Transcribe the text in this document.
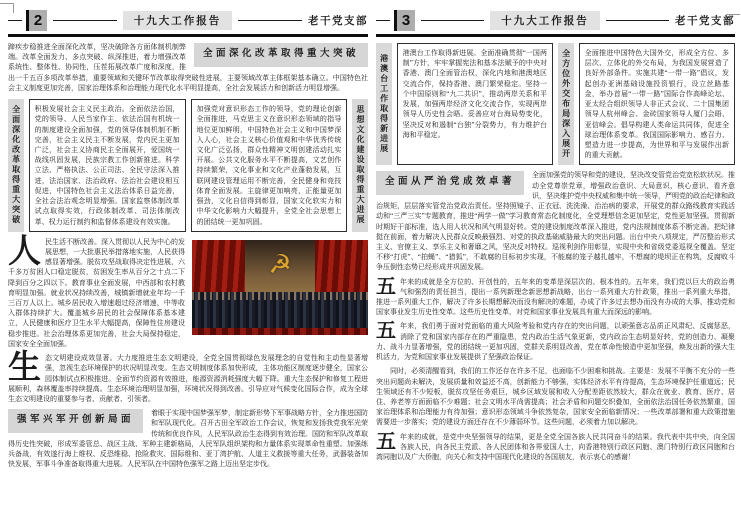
2	十九大工作报告	老干党支部

全面深化改革取得重大突破
蹄疾步稳推进全面深化改革，坚决破除各方面体制机制弊端。改革全面发力、多点突破、纵深推进，着力增强改革系统性、整体性、协同性，压茬拓展改革广度和深度，推出一千五百多项改革举措，重要领域和关键环节改革取得突破性进展，主要领域改革主体框架基本确立。中国特色社会主义制度更加完善，国家治理体系和治理能力现代化水平明显提高，全社会发展活力和创新活力明显增强。

全面深化改革取得重大突破	积极发展社会主义民主政治。全面依法治国，党的领导、人民当家作主、依法治国有机统一的制度建设全面加强，党的领导体制机制不断完善，社会主义民主不断发展，党内民主更加广泛，社会主义协商民主全面展开，爱国统一战线巩固发展，民族宗教工作创新推进。科学立法、严格执法、公正司法、全民守法深入推进，法治国家、法治政府、法治社会建设相互促进，中国特色社会主义法治体系日益完善，全社会法治观念明显增强。国家监察体制改革试点取得实效，行政体制改革、司法体制改革、权力运行制约和监督体系建设有效实施。

加强党对意识形态工作的领导，党的理论创新全面推进，马克思主义在意识形态领域的指导地位更加鲜明，中国特色社会主义和中国梦深入人心，社会主义核心价值观和中华优秀传统文化广泛弘扬，群众性精神文明创建活动扎实开展。公共文化服务水平不断提高，文艺创作持续繁荣，文化事业和文化产业蓬勃发展，互联网建设管理运用不断完善，全民健身和竞技体育全面发展。主旋律更加响亮，正能量更加强劲，文化自信得到彰显，国家文化软实力和中华文化影响力大幅提升，全党全社会思想上的团结统一更加巩固。	思想文化建设取得重大进展
☭

人 民生活不断改善。深入贯彻以人民为中心的发展思想，一大批惠民举措落地实施，人民获得感显著增强。脱贫攻坚战取得决定性进展，六千多万贫困人口稳定脱贫，贫困发生率从百分之十点二下降到百分之四以下。教育事业全面发展，中西部和农村教育明显加强。就业状况持续改善，城镇新增就业年均一千三百万人以上。城乡居民收入增速超过经济增速，中等收入群体持续扩大。覆盖城乡居民的社会保障体系基本建立，人民健康和医疗卫生水平大幅提高，保障性住房建设稳步推进。社会治理体系更加完善，社会大局保持稳定，国家安全全面加强。

生 态文明建设成效显著。大力度推进生态文明建设，全党全国贯彻绿色发展理念的自觉性和主动性显著增强，忽视生态环境保护的状况明显改变。生态文明制度体系加快形成，主体功能区制度逐步健全，国家公园体制试点积极推进。全面节约资源有效推进，能源资源消耗强度大幅下降。重大生态保护和修复工程进展顺利，森林覆盖率持续提高。生态环境治理明显加强，环境状况得到改善。引导应对气候变化国际合作，成为全球生态文明建设的重要参与者、贡献者、引领者。

强军兴军开创新局面

着眼于实现中国梦强军梦，制定新形势下军事战略方针，全力推进国防和军队现代化。召开古田全军政治工作会议，恢复和发扬我党我军光荣传统和优良作风，人民军队政治生态得到有效治理。国防和军队改革取得历史性突破，形成军委管总、战区主战、军种主建新格局，人民军队组织架构和力量体系实现革命性重塑。加强练兵备战，有效遂行海上维权、反恐维稳、抢险救灾、国际维和、亚丁湾护航、人道主义救援等重大任务，武器装备加快发展，军事斗争准备取得重大进展。人民军队在中国特色强军之路上迈出坚定步伐。

3	十九大工作报告	老干党支部
港澳台工作取得新进展

港澳台工作取得新进展。全面准确贯彻“一国两制”方针，牢牢掌握宪法和基本法赋予的中央对香港、澳门全面管治权，深化内地和港澳地区交流合作，保持香港、澳门繁荣稳定。坚持一个中国原则和“九二共识”，推动两岸关系和平发展，加强两岸经济文化交流合作，实现两岸领导人历史性会晤。妥善应对台海局势变化，坚决反对和遏制“台独”分裂势力，有力维护台海和平稳定。	全方位外交布局深入展开	全面推进中国特色大国外交，形成全方位、多层次、立体化的外交布局，为我国发展营造了良好外部条件。实施共建“一带一路”倡议，发起创办亚洲基础设施投资银行，设立丝路基金，举办首届“一带一路”国际合作高峰论坛、亚太经合组织领导人非正式会议、二十国集团领导人杭州峰会、金砖国家领导人厦门会晤、亚信峰会。倡导构建人类命运共同体，促进全球治理体系变革。我国国际影响力、感召力、塑造力进一步提高，为世界和平与发展作出新的重大贡献。

全面从严治党成效卓著

全面加强党的领导和党的建设，坚决改变管党治党宽松软状况。推动全党尊崇党章，增强政治意识、大局意识、核心意识、看齐意识，坚决维护党中央权威和集中统一领导，严明党的政治纪律和政治规矩，层层落实管党治党政治责任。坚持照镜子、正衣冠、洗洗澡、治治病的要求，开展党的群众路线教育实践活动和“三严三实”专题教育，推进“两学一做”学习教育常态化制度化，全党理想信念更加坚定，党性更加坚强。贯彻新时期好干部标准，选人用人状况和风气明显好转。党的建设制度改革深入推进，党内法规制度体系不断完善。把纪律挺在前面，着力解决人民群众反映最强烈、对党的执政基础威胁最大的突出问题。出台中央八项规定，严厉整治形式主义、官僚主义、享乐主义和奢靡之风，坚决反对特权。巡视利剑作用彰显，实现中央和省级党委巡视全覆盖。坚定不移“打虎”、“拍蝇”、“猎狐”，不敢腐的目标初步实现，不能腐的笼子越扎越牢，不想腐的堤坝正在构筑，反腐败斗争压倒性态势已经形成并巩固发展。

五 年来的成就是全方位的、开创性的，五年来的变革是深层次的、根本性的。五年来，我们党以巨大的政治勇气和强烈的责任担当，提出一系列新理念新思想新战略，出台一系列重大方针政策，推出一系列重大举措，推进一系列重大工作，解决了许多长期想解决而没有解决的难题，办成了许多过去想办而没有办成的大事，推动党和国家事业发生历史性变革。这些历史性变革，对党和国家事业发展具有重大而深远的影响。

五 年来，我们勇于面对党面临的重大风险考验和党内存在的突出问题，以顽强意志品质正风肃纪、反腐惩恶，消除了党和国家内部存在的严重隐患，党内政治生活气象更新，党内政治生态明显好转，党的创造力、凝聚力、战斗力显著增强，党的团结统一更加巩固，党群关系明显改善，党在革命性锻造中更加坚强，焕发出新的强大生机活力，为党和国家事业发展提供了坚强政治保证。

同时，必须清醒看到，我们的工作还存在许多不足，也面临不少困难和挑战。主要是：发展不平衡不充分的一些突出问题尚未解决，发展质量和效益还不高，创新能力不够强，实体经济水平有待提高，生态环境保护任重道远；民生领域还有不少短板，脱贫攻坚任务艰巨，城乡区域发展和收入分配差距依然较大，群众在就业、教育、医疗、居住、养老等方面面临不少难题；社会文明水平尚需提高；社会矛盾和问题交织叠加，全面依法治国任务依然繁重，国家治理体系和治理能力有待加强；意识形态领域斗争依然复杂，国家安全面临新情况；一些改革部署和重大政策措施需要进一步落实；党的建设方面还存在不少薄弱环节。这些问题，必须着力加以解决。

五 年来的成就，是党中央坚强领导的结果，更是全党全国各族人民共同奋斗的结果。我代表中共中央，向全国各族人民，向各民主党派、各人民团体和各界爱国人士，向香港特别行政区同胞、澳门特别行政区同胞和台湾同胞以及广大侨胞，向关心和支持中国现代化建设的各国朋友，表示衷心的感谢！
